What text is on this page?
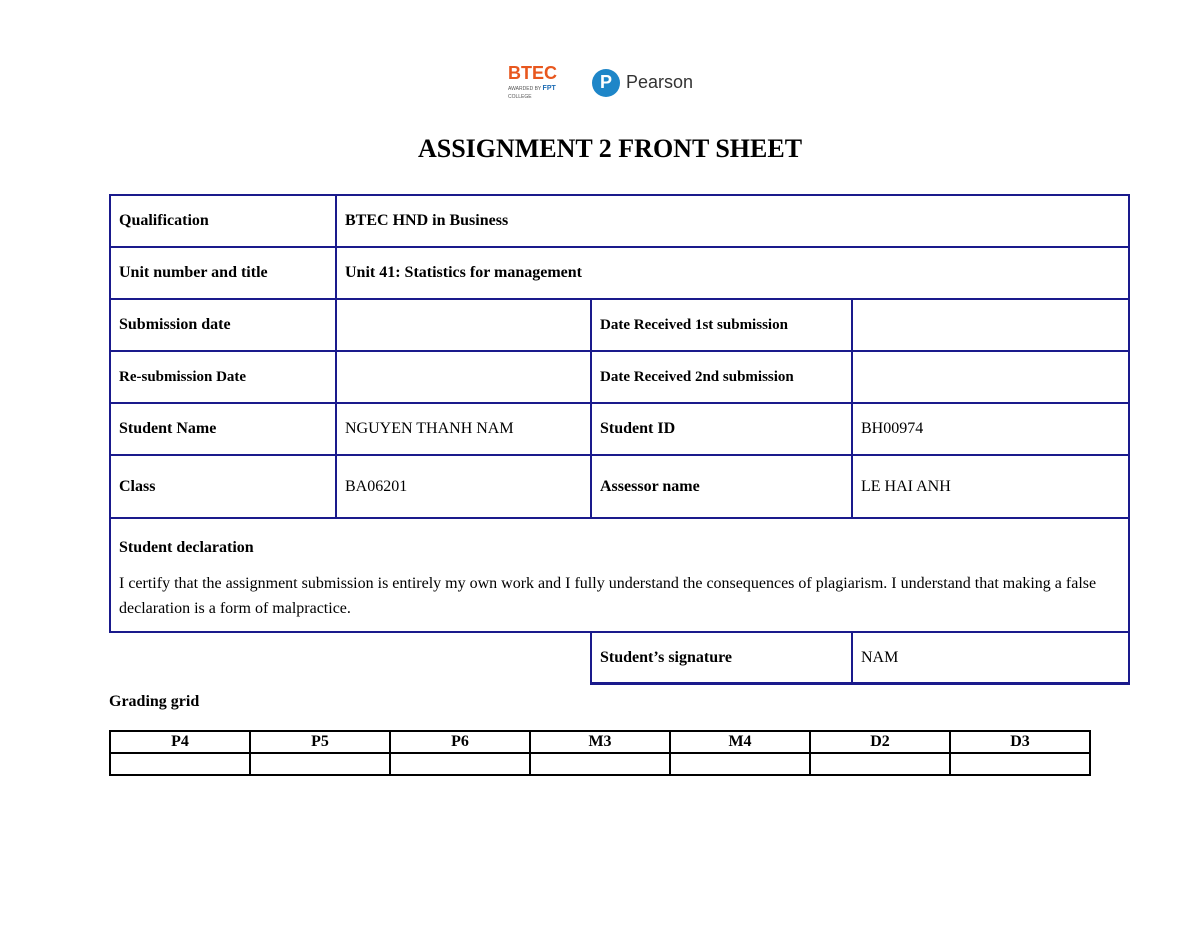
BTEC
AWARDED BY FPT COLLEGE
P Pearson
ASSIGNMENT 2 FRONT SHEET
Qualification	BTEC HND in Business		
Unit number and title	Unit 41: Statistics for management		
Submission date		Date Received 1st submission	
Re-submission Date		Date Received 2nd submission	
Student Name	NGUYEN THANH NAM	Student ID	BH00974
Class	BA06201	Assessor name	LE HAI ANH

Student declaration
I certify that the assignment submission is entirely my own work and I fully understand the consequences of plagiarism. I understand that making a false declaration is a form of malpractice.			

		Student’s signature	NAM
Grading grid
P4	P5	P6	M3	M4	D2	D3
